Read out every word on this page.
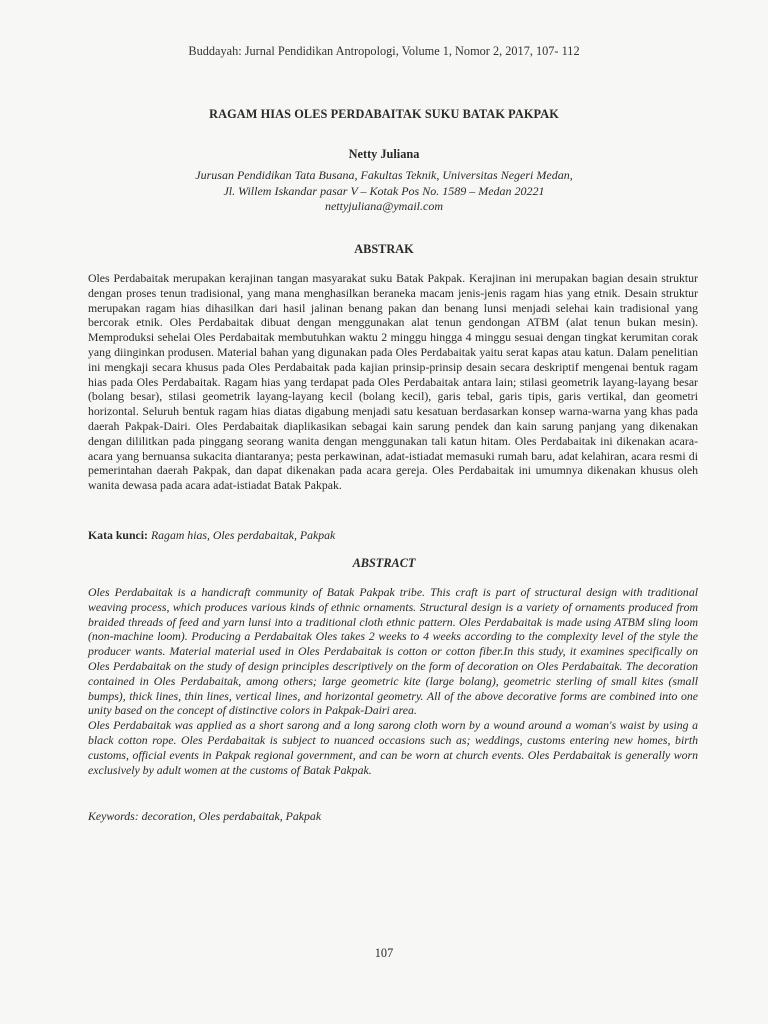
Buddayah: Jurnal Pendidikan Antropologi, Volume 1, Nomor 2, 2017, 107- 112
RAGAM HIAS OLES PERDABAITAK SUKU BATAK PAKPAK
Netty Juliana
Jurusan Pendidikan Tata Busana, Fakultas Teknik, Universitas Negeri Medan,
Jl. Willem Iskandar pasar V – Kotak Pos No. 1589 – Medan 20221
nettyjuliana@ymail.com
ABSTRAK
Oles Perdabaitak merupakan kerajinan tangan masyarakat suku Batak Pakpak. Kerajinan ini merupakan bagian desain struktur dengan proses tenun tradisional, yang mana menghasilkan beraneka macam jenis-jenis ragam hias yang etnik. Desain struktur merupakan ragam hias dihasilkan dari hasil jalinan benang pakan dan benang lunsi menjadi selehai kain tradisional yang bercorak etnik. Oles Perdabaitak dibuat dengan menggunakan alat tenun gendongan ATBM (alat tenun bukan mesin). Memproduksi sehelai Oles Perdabaitak membutuhkan waktu 2 minggu hingga 4 minggu sesuai dengan tingkat kerumitan corak yang diinginkan produsen. Material bahan yang digunakan pada Oles Perdabaitak yaitu serat kapas atau katun. Dalam penelitian ini mengkaji secara khusus pada Oles Perdabaitak pada kajian prinsip-prinsip desain secara deskriptif mengenai bentuk ragam hias pada Oles Perdabaitak. Ragam hias yang terdapat pada Oles Perdabaitak antara lain; stilasi geometrik layang-layang besar (bolang besar), stilasi geometrik layang-layang kecil (bolang kecil), garis tebal, garis tipis, garis vertikal, dan geometri horizontal. Seluruh bentuk ragam hias diatas digabung menjadi satu kesatuan berdasarkan konsep warna-warna yang khas pada daerah Pakpak-Dairi. Oles Perdabaitak diaplikasikan sebagai kain sarung pendek dan kain sarung panjang yang dikenakan dengan dililitkan pada pinggang seorang wanita dengan menggunakan tali katun hitam. Oles Perdabaitak ini dikenakan acara-acara yang bernuansa sukacita diantaranya; pesta perkawinan, adat-istiadat memasuki rumah baru, adat kelahiran, acara resmi di pemerintahan daerah Pakpak, dan dapat dikenakan pada acara gereja. Oles Perdabaitak ini umumnya dikenakan khusus oleh wanita dewasa pada acara adat-istiadat Batak Pakpak.
Kata kunci: Ragam hias, Oles perdabaitak, Pakpak
ABSTRACT

Oles Perdabaitak is a handicraft community of Batak Pakpak tribe. This craft is part of structural design with traditional weaving process, which produces various kinds of ethnic ornaments. Structural design is a variety of ornaments produced from braided threads of feed and yarn lunsi into a traditional cloth ethnic pattern. Oles Perdabaitak is made using ATBM sling loom (non-machine loom). Producing a Perdabaitak Oles takes 2 weeks to 4 weeks according to the complexity level of the style the producer wants. Material material used in Oles Perdabaitak is cotton or cotton fiber.In this study, it examines specifically on Oles Perdabaitak on the study of design principles descriptively on the form of decoration on Oles Perdabaitak. The decoration contained in Oles Perdabaitak, among others; large geometric kite (large bolang), geometric sterling of small kites (small bumps), thick lines, thin lines, vertical lines, and horizontal geometry. All of the above decorative forms are combined into one unity based on the concept of distinctive colors in Pakpak-Dairi area.

Oles Perdabaitak was applied as a short sarong and a long sarong cloth worn by a wound around a woman's waist by using a black cotton rope. Oles Perdabaitak is subject to nuanced occasions such as; weddings, customs entering new homes, birth customs, official events in Pakpak regional government, and can be worn at church events. Oles Perdabaitak is generally worn exclusively by adult women at the customs of Batak Pakpak.

Keywords: decoration, Oles perdabaitak, Pakpak
107
